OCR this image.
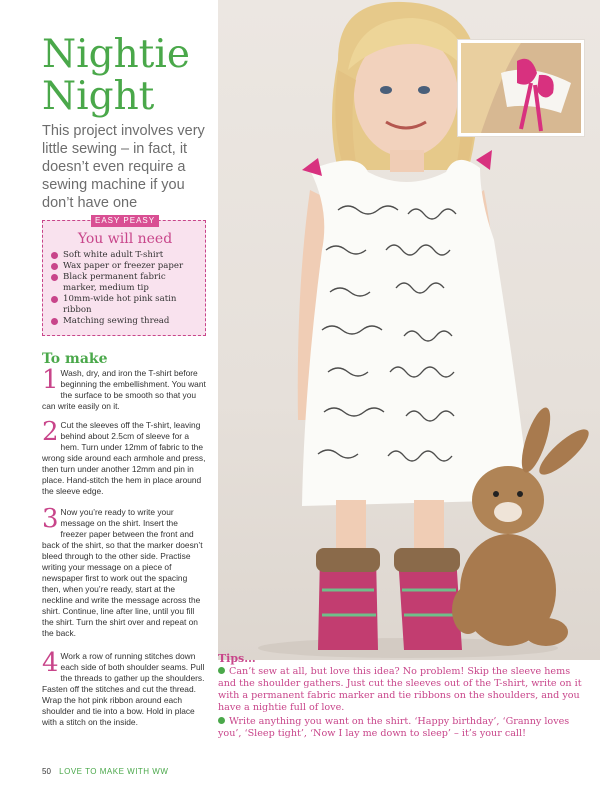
Nightie
Night

This project involves very little sewing – in fact, it doesn’t even require a sewing machine if you don’t have one

EASY PEASY
You will need
Soft white adult T-shirt
Wax paper or freezer paper
Black permanent fabric marker, medium tip
10mm-wide hot pink satin ribbon
Matching sewing thread
To make
1 Wash, dry, and iron the T-shirt before beginning the embellishment. You want the surface to be smooth so that you can write easily on it.
2 Cut the sleeves off the T-shirt, leaving behind about 2.5cm of sleeve for a hem. Turn under 12mm of fabric to the wrong side around each armhole and press, then turn under another 12mm and pin in place. Hand-stitch the hem in place around the sleeve edge.
3 Now you’re ready to write your message on the shirt. Insert the freezer paper between the front and back of the shirt, so that the marker doesn’t bleed through to the other side. Practise writing your message on a piece of newspaper first to work out the spacing then, when you’re ready, start at the neckline and write the message across the shirt. Continue, line after line, until you fill the shirt. Turn the shirt over and repeat on the back.
4 Work a row of running stitches down each side of both shoulder seams. Pull the threads to gather up the shoulders. Fasten off the stitches and cut the thread. Wrap the hot pink ribbon around each shoulder and tie into a bow. Hold in place with a stitch on the inside.
Tips...
Can’t sew at all, but love this idea? No problem! Skip the sleeve hems and the shoulder gathers. Just cut the sleeves out of the T-shirt, write on it with a permanent fabric marker and tie ribbons on the shoulders, and you have a nightie full of love.
Write anything you want on the shirt. ‘Happy birthday’, ‘Granny loves you’, ‘Sleep tight’, ‘Now I lay me down to sleep’ – it’s your call!
50 LOVE TO MAKE WITH WW
